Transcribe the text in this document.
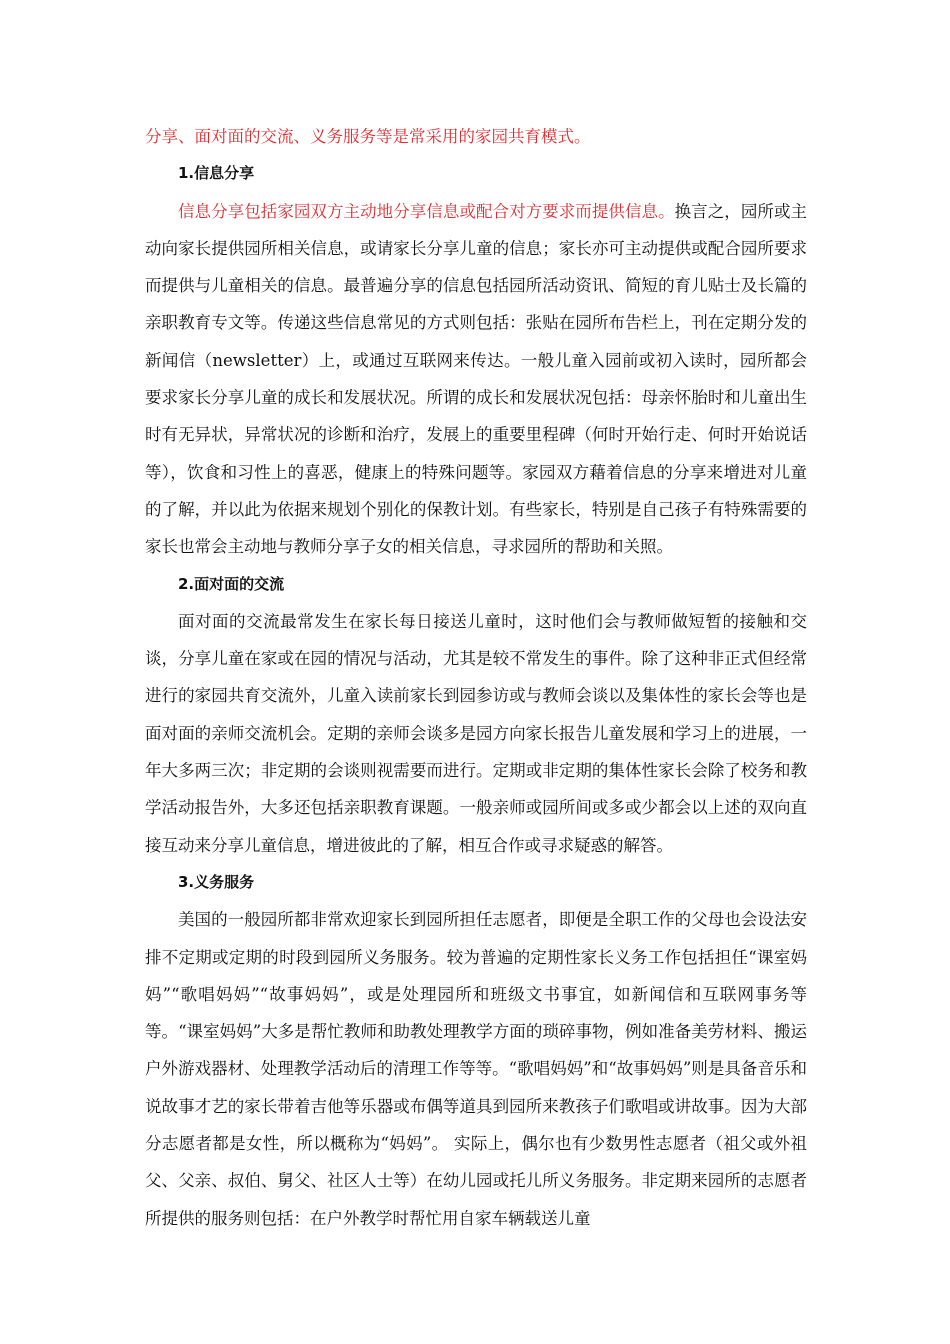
分享、面对面的交流、义务服务等是常采用的家园共育模式。

1.信息分享

信息分享包括家园双方主动地分享信息或配合对方要求而提供信息。换言之，园所或主动向家长提供园所相关信息，或请家长分享儿童的信息；家长亦可主动提供或配合园所要求而提供与儿童相关的信息。最普遍分享的信息包括园所活动资讯、简短的育儿贴士及长篇的亲职教育专文等。传递这些信息常见的方式则包括：张贴在园所布告栏上，刊在定期分发的新闻信（newsletter）上，或通过互联网来传达。一般儿童入园前或初入读时，园所都会要求家长分享儿童的成长和发展状况。所谓的成长和发展状况包括：母亲怀胎时和儿童出生时有无异状，异常状况的诊断和治疗，发展上的重要里程碑（何时开始行走、何时开始说话等），饮食和习性上的喜恶，健康上的特殊问题等。家园双方藉着信息的分享来增进对儿童的了解，并以此为依据来规划个别化的保教计划。有些家长，特别是自己孩子有特殊需要的家长也常会主动地与教师分享子女的相关信息，寻求园所的帮助和关照。

2.面对面的交流

面对面的交流最常发生在家长每日接送儿童时，这时他们会与教师做短暂的接触和交谈，分享儿童在家或在园的情况与活动，尤其是较不常发生的事件。除了这种非正式但经常进行的家园共育交流外，儿童入读前家长到园参访或与教师会谈以及集体性的家长会等也是面对面的亲师交流机会。定期的亲师会谈多是园方向家长报告儿童发展和学习上的进展，一年大多两三次；非定期的会谈则视需要而进行。定期或非定期的集体性家长会除了校务和教学活动报告外，大多还包括亲职教育课题。一般亲师或园所间或多或少都会以上述的双向直接互动来分享儿童信息，增进彼此的了解，相互合作或寻求疑惑的解答。

3.义务服务

美国的一般园所都非常欢迎家长到园所担任志愿者，即便是全职工作的父母也会设法安排不定期或定期的时段到园所义务服务。较为普遍的定期性家长义务工作包括担任“课室妈妈”“歌唱妈妈”“故事妈妈”，或是处理园所和班级文书事宜，如新闻信和互联网事务等等。“课室妈妈”大多是帮忙教师和助教处理教学方面的琐碎事物，例如准备美劳材料、搬运户外游戏器材、处理教学活动后的清理工作等等。“歌唱妈妈”和“故事妈妈”则是具备音乐和说故事才艺的家长带着吉他等乐器或布偶等道具到园所来教孩子们歌唱或讲故事。因为大部分志愿者都是女性，所以概称为“妈妈”。 实际上，偶尔也有少数男性志愿者（祖父或外祖父、父亲、叔伯、舅父、社区人士等）在幼儿园或托儿所义务服务。非定期来园所的志愿者所提供的服务则包括：在户外教学时帮忙用自家车辆载送儿童
